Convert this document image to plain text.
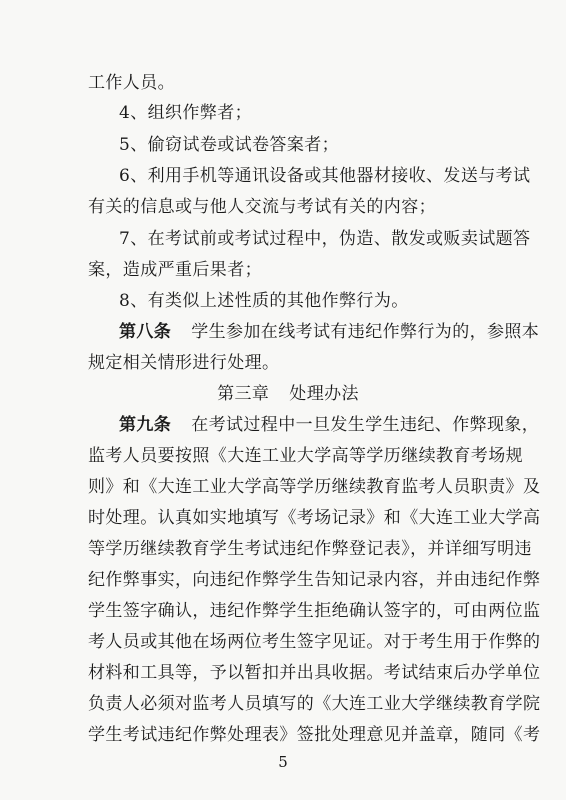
工作人员。
4、组织作弊者；
5、偷窃试卷或试卷答案者；
6、利用手机等通讯设备或其他器材接收、发送与考试
有关的信息或与他人交流与考试有关的内容；
7、在考试前或考试过程中，伪造、散发或贩卖试题答
案，造成严重后果者；
8、有类似上述性质的其他作弊行为。
第八条 学生参加在线考试有违纪作弊行为的，参照本
规定相关情形进行处理。
第三章 处理办法
第九条 在考试过程中一旦发生学生违纪、作弊现象，
监考人员要按照《大连工业大学高等学历继续教育考场规
则》和《大连工业大学高等学历继续教育监考人员职责》及
时处理。认真如实地填写《考场记录》和《大连工业大学高
等学历继续教育学生考试违纪作弊登记表》，并详细写明违
纪作弊事实，向违纪作弊学生告知记录内容，并由违纪作弊
学生签字确认，违纪作弊学生拒绝确认签字的，可由两位监
考人员或其他在场两位考生签字见证。对于考生用于作弊的
材料和工具等，予以暂扣并出具收据。考试结束后办学单位
负责人必须对监考人员填写的《大连工业大学继续教育学院
学生考试违纪作弊处理表》签批处理意见并盖章，随同《考
5
